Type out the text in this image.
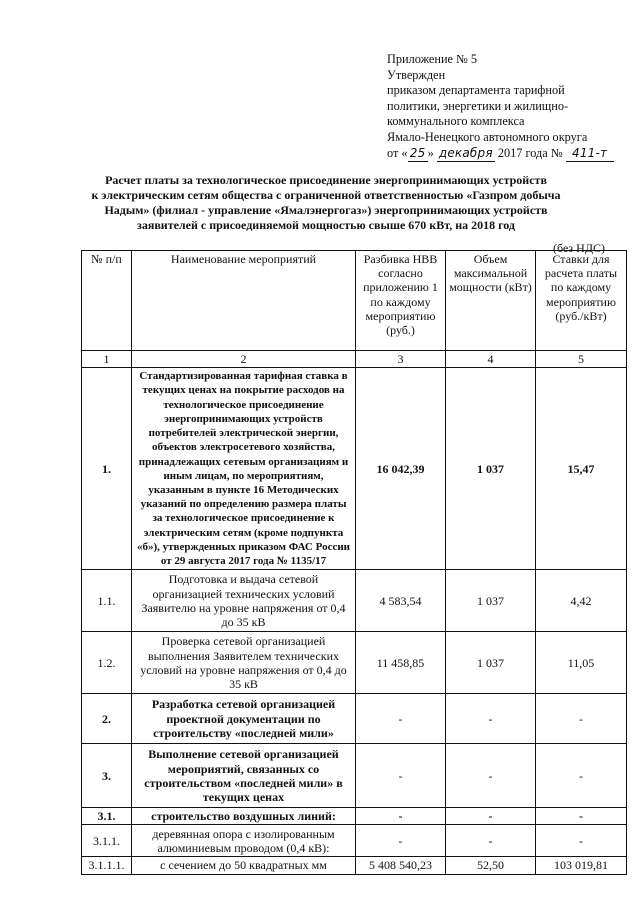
Приложение № 5
Утвержден
приказом департамента тарифной
политики, энергетики и жилищно-
коммунального комплекса
Ямало-Ненецкого автономного округа
от « 25 » декабря 2017 года № 411-т
Расчет платы за технологическое присоединение энергопринимающих устройств
к электрическим сетям общества с ограниченной ответственностью «Газпром добыча
Надым» (филиал - управление «Ямалэнергогаз») энергопринимающих устройств
заявителей с присоединяемой мощностью свыше 670 кВт, на 2018 год
(без НДС)
№ п/п	Наименование мероприятий	Разбивка НВВ согласно приложению 1 по каждому мероприятию (руб.)	Объем максимальной мощности (кВт)	Ставки для расчета платы по каждому мероприятию (руб./кВт)
1	2	3	4	5
1.	Стандартизированная тарифная ставка в текущих ценах на покрытие расходов на технологическое присоединение энергопринимающих устройств потребителей электрической энергии, объектов электросетевого хозяйства, принадлежащих сетевым организациям и иным лицам, по мероприятиям, указанным в пункте 16 Методических указаний по определению размера платы за технологическое присоединение к электрическим сетям (кроме подпункта «б»), утвержденных приказом ФАС России от 29 августа 2017 года № 1135/17	16 042,39	1 037	15,47
1.1.	Подготовка и выдача сетевой организацией технических условий Заявителю на уровне напряжения от 0,4 до 35 кВ	4 583,54	1 037	4,42
1.2.	Проверка сетевой организацией выполнения Заявителем технических условий на уровне напряжения от 0,4 до 35 кВ	11 458,85	1 037	11,05
2.	Разработка сетевой организацией проектной документации по строительству «последней мили»	-	-	-
3.	Выполнение сетевой организацией мероприятий, связанных со строительством «последней мили» в текущих ценах	-	-	-
3.1.	строительство воздушных линий:	-	-	-
3.1.1.	деревянная опора с изолированным алюминиевым проводом (0,4 кВ):	-	-	-
3.1.1.1.	с сечением до 50 квадратных мм	5 408 540,23	52,50	103 019,81
